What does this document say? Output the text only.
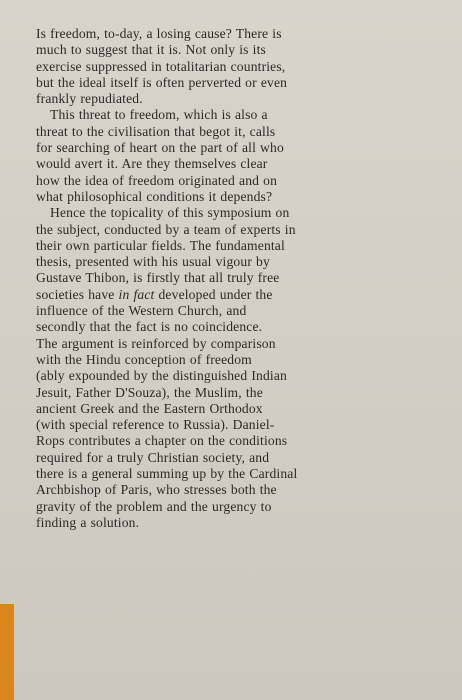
Is freedom, to-day, a losing cause? There is
much to suggest that it is. Not only is its
exercise suppressed in totalitarian countries,
but the ideal itself is often perverted or even
frankly repudiated.

This threat to freedom, which is also a
threat to the civilisation that begot it, calls
for searching of heart on the part of all who
would avert it. Are they themselves clear
how the idea of freedom originated and on
what philosophical conditions it depends?

Hence the topicality of this symposium on
the subject, conducted by a team of experts in
their own particular fields. The fundamental
thesis, presented with his usual vigour by
Gustave Thibon, is firstly that all truly free
societies have in fact developed under the
influence of the Western Church, and
secondly that the fact is no coincidence.
The argument is reinforced by comparison
with the Hindu conception of freedom
(ably expounded by the distinguished Indian
Jesuit, Father D'Souza), the Muslim, the
ancient Greek and the Eastern Orthodox
(with special reference to Russia). Daniel-
Rops contributes a chapter on the conditions
required for a truly Christian society, and
there is a general summing up by the Cardinal
Archbishop of Paris, who stresses both the
gravity of the problem and the urgency to
finding a solution.
